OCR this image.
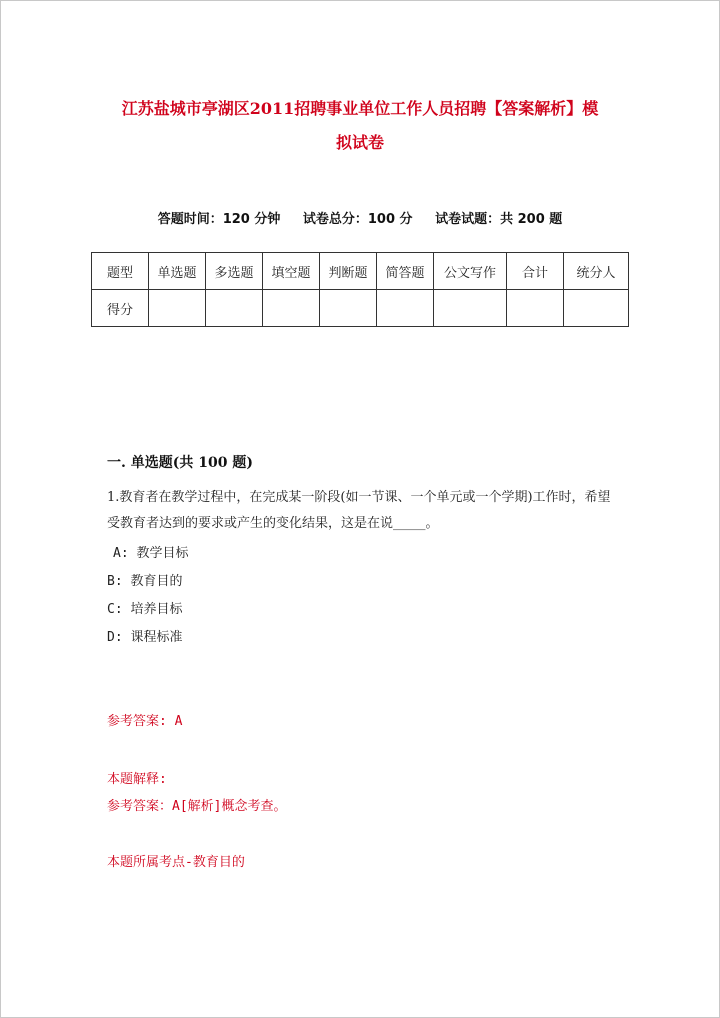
江苏盐城市亭湖区2011招聘事业单位工作人员招聘【答案解析】模
拟试卷
答题时间：120 分钟 试卷总分：100 分 试卷试题：共 200 题
题型	单选题	多选题	填空题	判断题	简答题	公文写作	合计	统分人
得分								
一. 单选题(共 100 题)
1.教育者在教学过程中，在完成某一阶段(如一节课、一个单元或一个学期)工作时，希望受教育者达到的要求或产生的变化结果，这是在说_____。
A: 教学目标
B: 教育目的
C: 培养目标
D: 课程标准
参考答案: A
本题解释:
参考答案：A[解析]概念考查。
本题所属考点-教育目的
